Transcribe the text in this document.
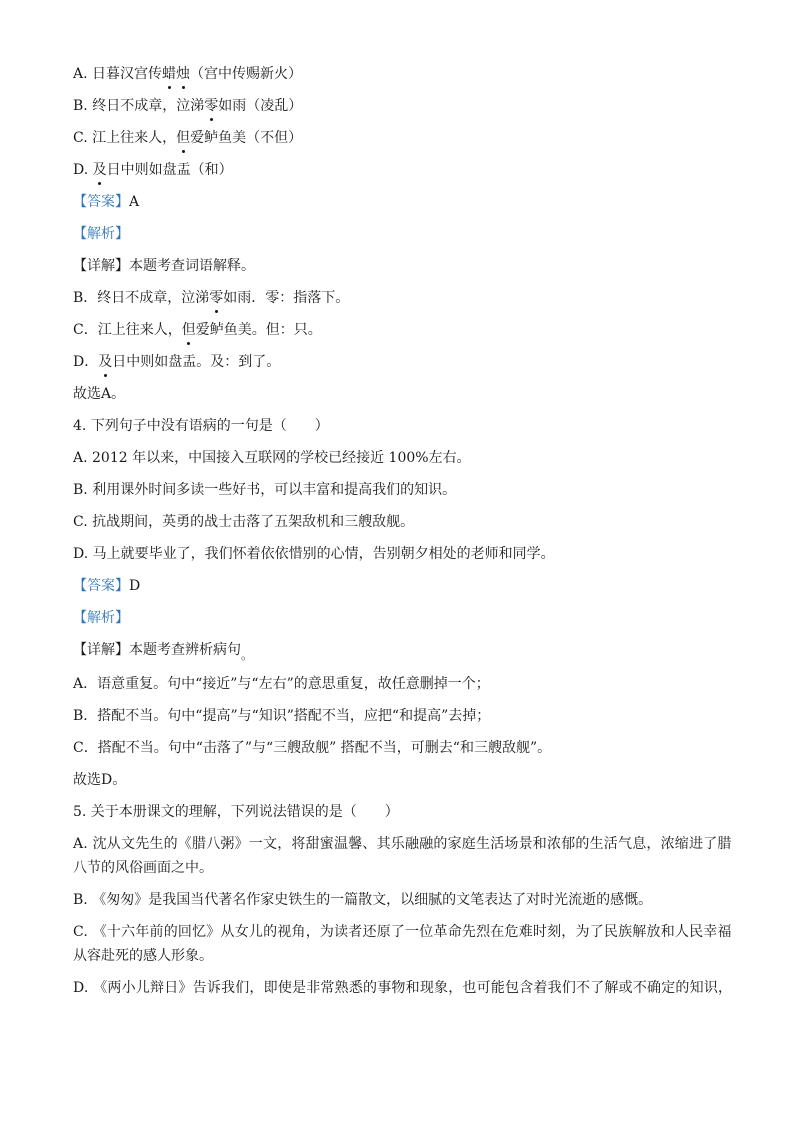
A. 日暮汉宫传蜡烛（宫中传赐新火）
B. 终日不成章，泣涕零如雨（凌乱）
C. 江上往来人，但爱鲈鱼美（不但）
D. 及日中则如盘盂（和）
【答案】A
【解析】
【详解】本题考查词语解释。
B．终日不成章，泣涕零如雨．零：指落下。
C．江上往来人，但爱鲈鱼美。但：只。
D．及日中则如盘盂。及：到了。
故选A。
4. 下列句子中没有语病的一句是（　　）
A. 2012 年以来，中国接入互联网的学校已经接近 100%左右。
B. 利用课外时间多读一些好书，可以丰富和提高我们的知识。
C. 抗战期间，英勇的战士击落了五架敌机和三艘敌舰。
D. 马上就要毕业了，我们怀着依依惜别的心情，告别朝夕相处的老师和同学。
【答案】D
【解析】
【详解】本题考查辨析病句。
A．语意重复。句中“接近”与“左右”的意思重复，故任意删掉一个；
B．搭配不当。句中“提高”与“知识”搭配不当，应把“和提高”去掉；
C．搭配不当。句中“击落了”与“三艘敌舰” 搭配不当，可删去“和三艘敌舰”。
故选D。
5. 关于本册课文的理解，下列说法错误的是（　　）
A. 沈从文先生的《腊八粥》一文，将甜蜜温馨、其乐融融的家庭生活场景和浓郁的生活气息，浓缩进了腊
八节的风俗画面之中。
B. 《匆匆》是我国当代著名作家史铁生的一篇散文，以细腻的文笔表达了对时光流逝的感慨。
C. 《十六年前的回忆》从女儿的视角，为读者还原了一位革命先烈在危难时刻，为了民族解放和人民幸福
从容赴死的感人形象。
D. 《两小儿辩日》告诉我们，即使是非常熟悉的事物和现象，也可能包含着我们不了解或不确定的知识，
